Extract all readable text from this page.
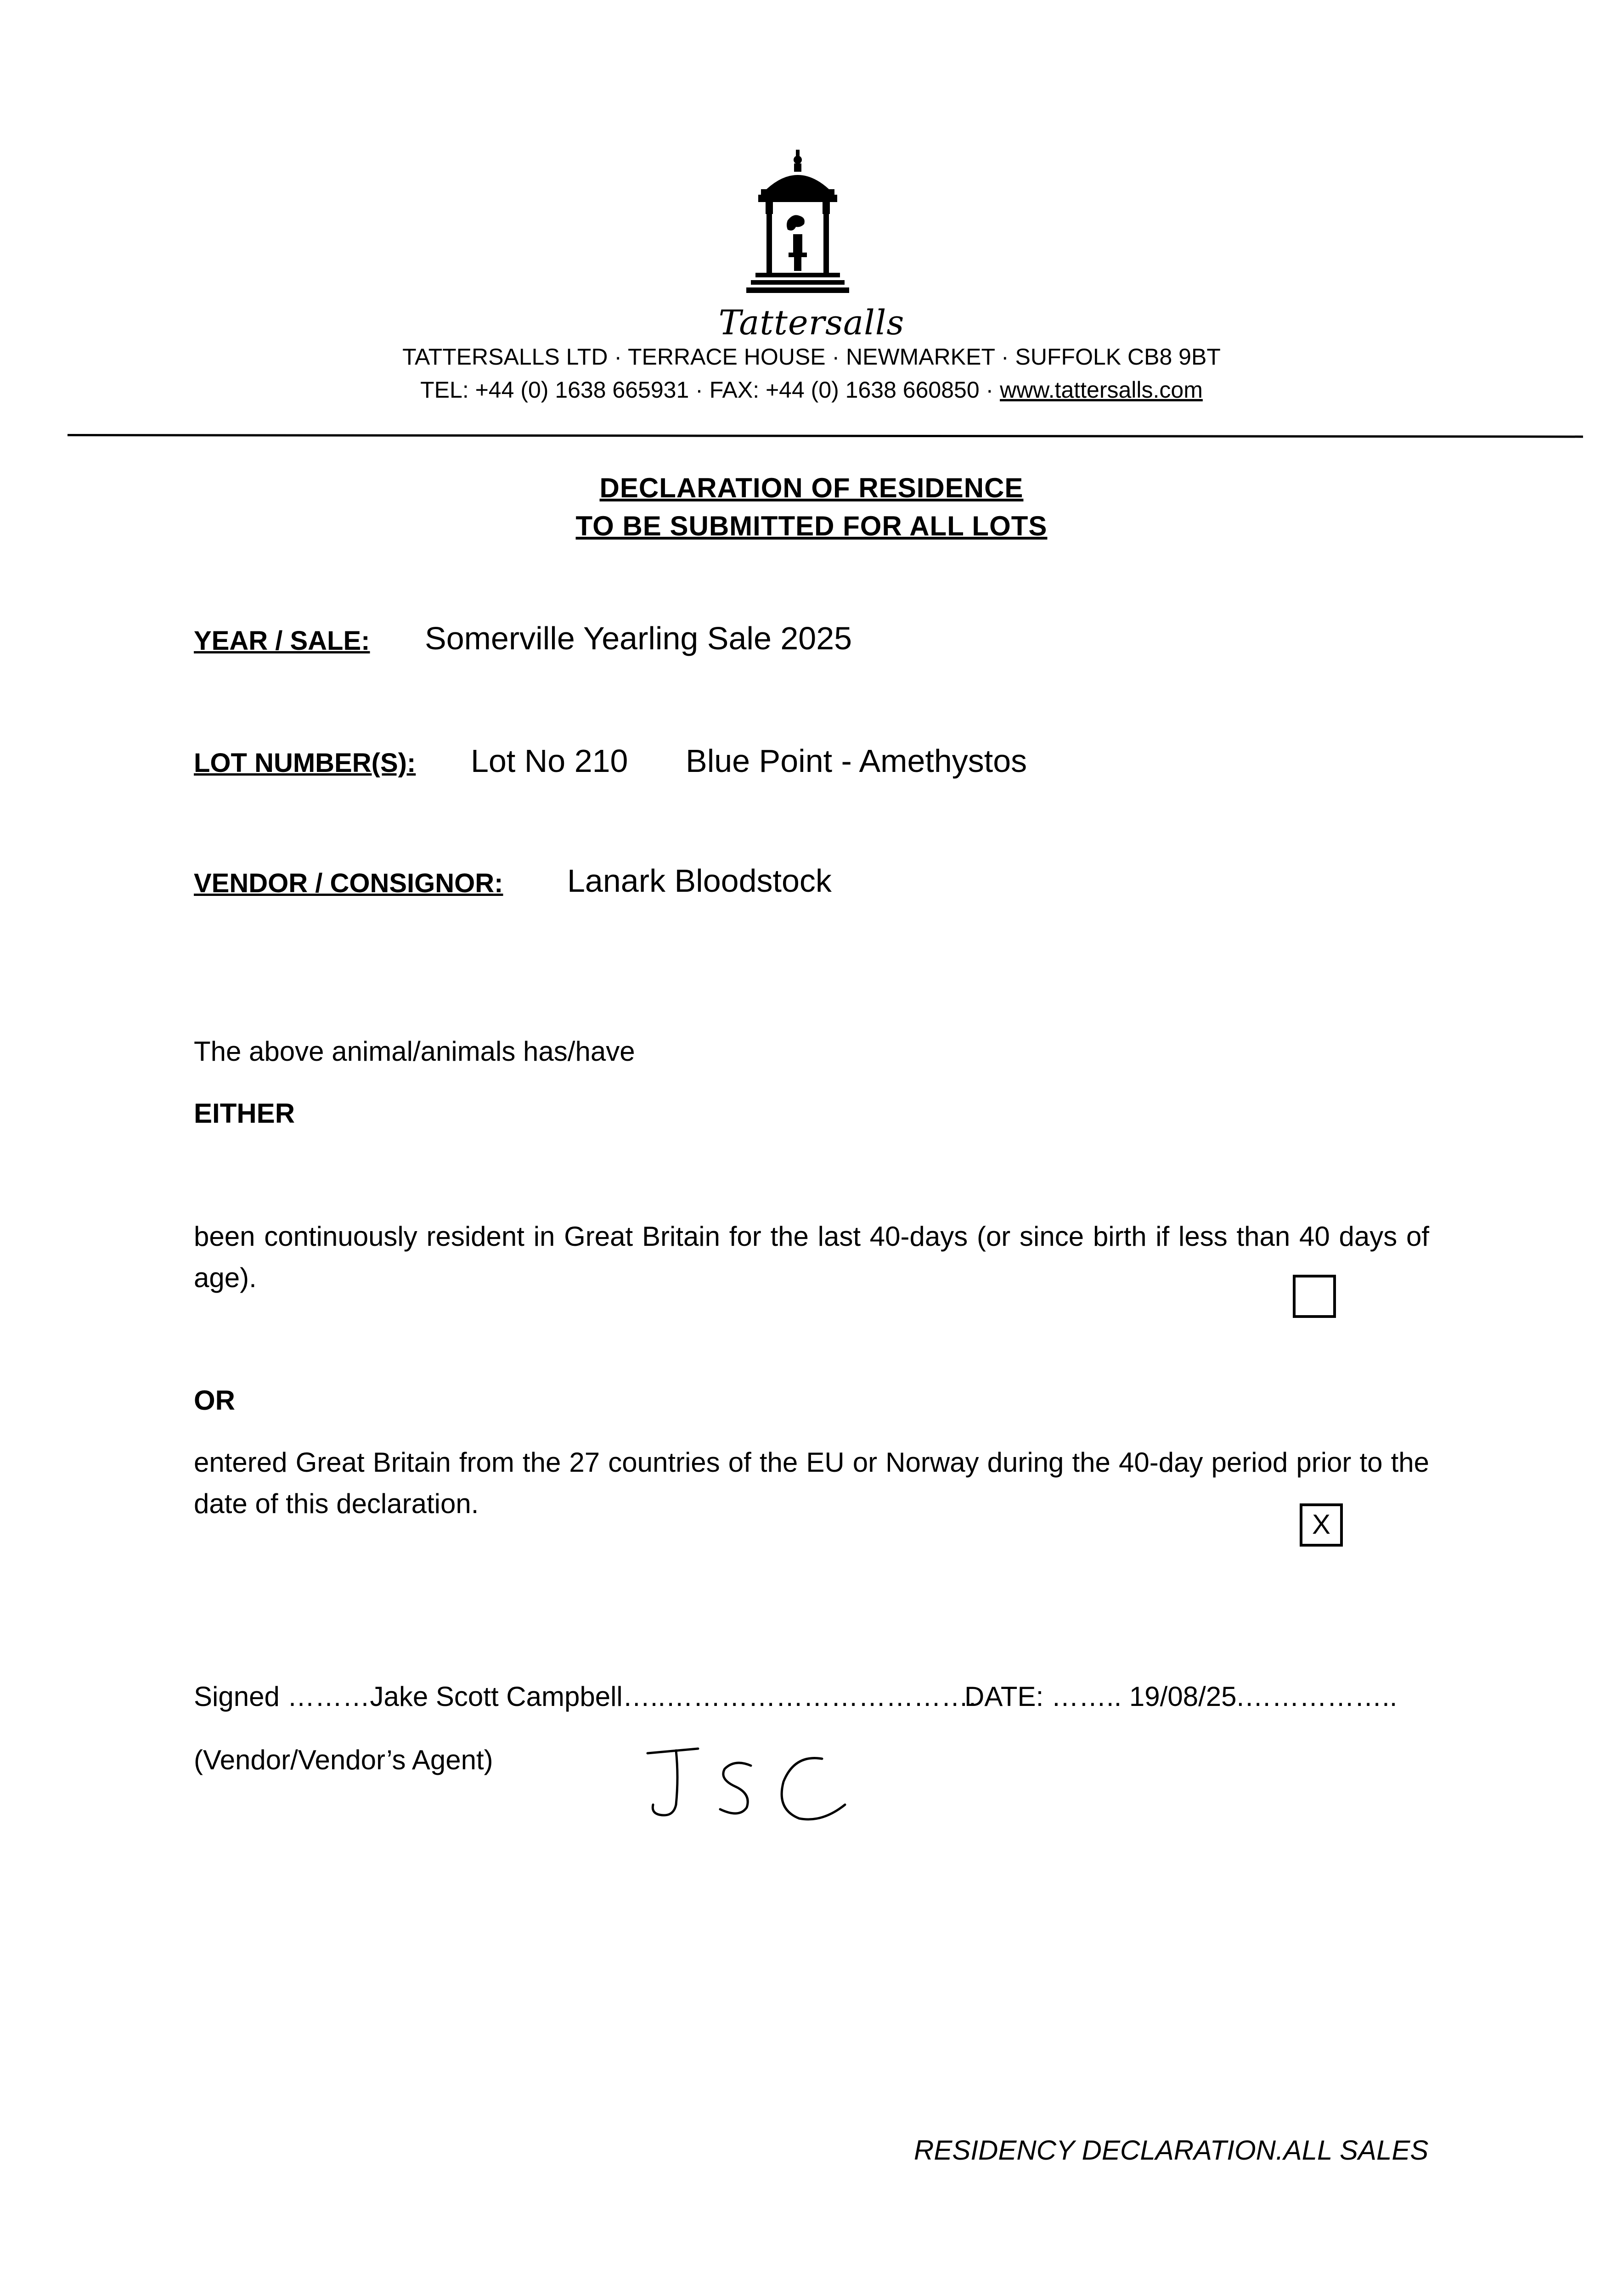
Tattersalls
TATTERSALLS LTD · TERRACE HOUSE · NEWMARKET · SUFFOLK CB8 9BT
TEL: +44 (0) 1638 665931 · FAX: +44 (0) 1638 660850 · www.tattersalls.com
DECLARATION OF RESIDENCE
TO BE SUBMITTED FOR ALL LOTS
YEAR / SALE: Somerville Yearling Sale 2025
LOT NUMBER(S): Lot No 210 Blue Point - Amethystos
VENDOR / CONSIGNOR: Lanark Bloodstock
The above animal/animals has/have
EITHER
been continuously resident in Great Britain for the last 40-days (or since birth if less than 40 days of age).
OR
entered Great Britain from the 27 countries of the EU or Norway during the 40-day period prior to the date of this declaration.
X
Signed ………Jake Scott Campbell…..…………………………….
DATE: …….. 19/08/25.……………..
(Vendor/Vendor’s Agent)
RESIDENCY DECLARATION.ALL SALES
